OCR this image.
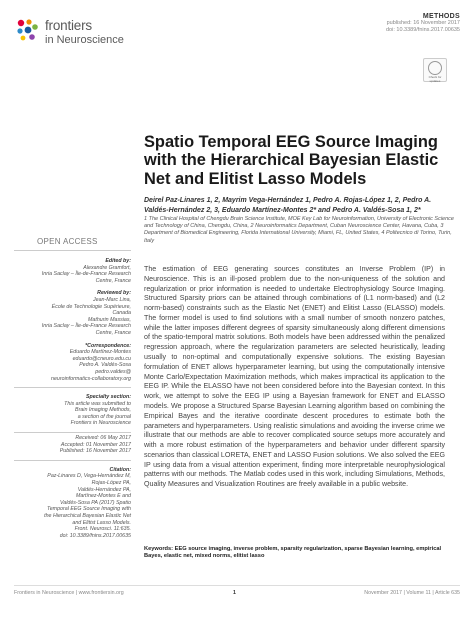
frontiers
in Neuroscience
METHODS
published: 16 November 2017
doi: 10.3389/fnins.2017.00635
Check for updates
Spatio Temporal EEG Source Imaging with the Hierarchical Bayesian Elastic Net and Elitist Lasso Models
Deirel Paz-Linares 1, 2, Mayrim Vega-Hernández 1, Pedro A. Rojas-López 1, 2, Pedro A. Valdés-Hernández 2, 3, Eduardo Martínez-Montes 2* and Pedro A. Valdés-Sosa 1, 2*
1 The Clinical Hospital of Chengdu Brain Science Institute, MOE Key Lab for Neuroinformation, University of Electronic Science and Technology of China, Chengdu, China, 2 Neuroinformatics Department, Cuban Neuroscience Center, Havana, Cuba, 3 Department of Biomedical Engineering, Florida International University, Miami, FL, United States, 4 Politecnico di Torino, Turin, Italy
OPEN ACCESS
Edited by:
Alexandre Gramfort,
Inria Saclay – Île-de-France Research
Centre, France
Reviewed by:
Jean-Marc Lina,
École de Technologie Supérieure,
Canada
Mathurin Massias,
Inria Saclay – Île-de-France Research
Centre, France
*Correspondence:
Eduardo Martínez-Montes
eduardo@cneuro.edu.cu
Pedro A. Valdés-Sosa
pedro.valdes@
neuroinformatics-collaboratory.org
Specialty section:
This article was submitted to
Brain Imaging Methods,
a section of the journal
Frontiers in Neuroscience
Received: 06 May 2017
Accepted: 01 November 2017
Published: 16 November 2017
Citation:
Paz-Linares D, Vega-Hernández M,
Rojas-López PA,
Valdés-Hernández PA,
Martínez-Montes E and
Valdés-Sosa PA (2017) Spatio
Temporal EEG Source Imaging with
the Hierarchical Bayesian Elastic Net
and Elitist Lasso Models.
Front. Neurosci. 11:635.
doi: 10.3389/fnins.2017.00635
The estimation of EEG generating sources constitutes an Inverse Problem (IP) in Neuroscience. This is an ill-posed problem due to the non-uniqueness of the solution and regularization or prior information is needed to undertake Electrophysiology Source Imaging. Structured Sparsity priors can be attained through combinations of (L1 norm-based) and (L2 norm-based) constraints such as the Elastic Net (ENET) and Elitist Lasso (ELASSO) models. The former model is used to find solutions with a small number of smooth nonzero patches, while the latter imposes different degrees of sparsity simultaneously along different dimensions of the spatio-temporal matrix solutions. Both models have been addressed within the penalized regression approach, where the regularization parameters are selected heuristically, leading usually to non-optimal and computationally expensive solutions. The existing Bayesian formulation of ENET allows hyperparameter learning, but using the computationally intensive Monte Carlo/Expectation Maximization methods, which makes impractical its application to the EEG IP. While the ELASSO have not been considered before into the Bayesian context. In this work, we attempt to solve the EEG IP using a Bayesian framework for ENET and ELASSO models. We propose a Structured Sparse Bayesian Learning algorithm based on combining the Empirical Bayes and the iterative coordinate descent procedures to estimate both the parameters and hyperparameters. Using realistic simulations and avoiding the inverse crime we illustrate that our methods are able to recover complicated source setups more accurately and with a more robust estimation of the hyperparameters and behavior under different sparsity scenarios than classical LORETA, ENET and LASSO Fusion solutions. We also solved the EEG IP using data from a visual attention experiment, finding more interpretable neurophysiological patterns with our methods. The Matlab codes used in this work, including Simulations, Methods, Quality Measures and Visualization Routines are freely available in a public website.
Keywords: EEG source imaging, inverse problem, sparsity regularization, sparse Bayesian learning, empirical Bayes, elastic net, mixed norms, elitist lasso
Frontiers in Neuroscience | www.frontiersin.org	1	November 2017 | Volume 11 | Article 635
